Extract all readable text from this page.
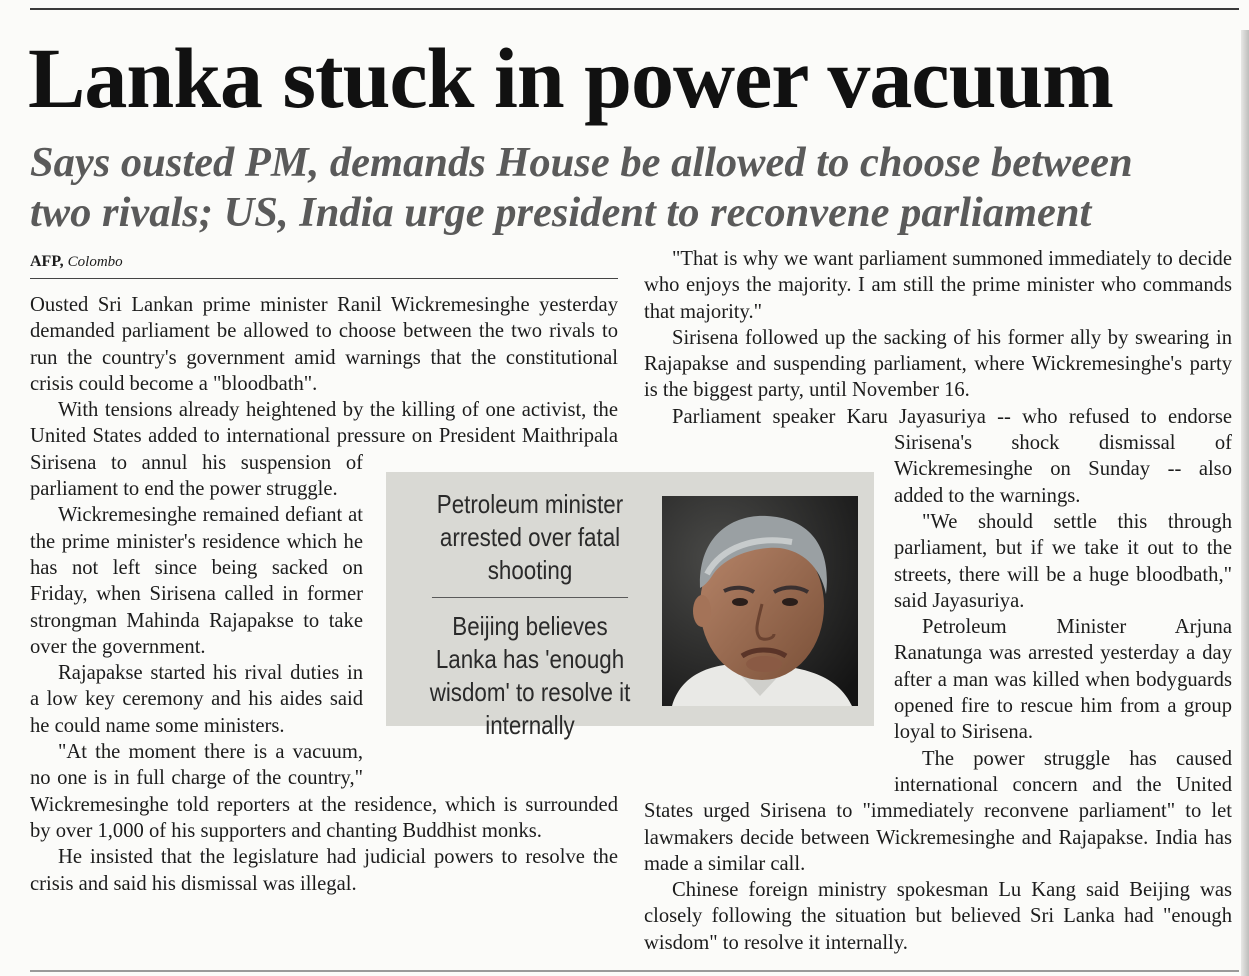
Lanka stuck in power vacuum
Says ousted PM, demands House be allowed to choose between
two rivals; US, India urge president to reconvene parliament
AFP, Colombo

Ousted Sri Lankan prime minister Ranil Wickremesinghe yesterday demanded parliament be allowed to choose between the two rivals to run the country's government amid warnings that the constitutional crisis could become a "bloodbath".

With tensions already heightened by the killing of one activist, the United States added to international pressure on President Maithripala Sirisena to annul his suspension of parliament to end the power struggle.

Wickremesinghe remained defiant at the prime minister's residence which he has not left since being sacked on Friday, when Sirisena called in former strongman Mahinda Rajapakse to take over the government.

Rajapakse started his rival duties in a low key ceremony and his aides said he could name some ministers.

"At the moment there is a vacuum, no one is in full charge of the country," Wickremesinghe told reporters at the residence, which is surrounded by over 1,000 of his supporters and chanting Buddhist monks.

He insisted that the legislature had judicial powers to resolve the crisis and said his dismissal was illegal.

"That is why we want parliament summoned immediately to decide who enjoys the majority. I am still the prime minister who commands that majority."

Sirisena followed up the sacking of his former ally by swearing in Rajapakse and suspending parliament, where Wickremesinghe's party is the biggest party, until November 16.

Parliament speaker Karu Jayasuriya -- who refused to endorse Sirisena's shock dismissal of Wickremesinghe on Sunday -- also added to the warnings.

"We should settle this through parliament, but if we take it out to the streets, there will be a huge bloodbath," said Jayasuriya.

Petroleum Minister Arjuna Ranatunga was arrested yesterday a day after a man was killed when bodyguards opened fire to rescue him from a group loyal to Sirisena.

The power struggle has caused international concern and the United States urged Sirisena to "immediately reconvene parliament" to let lawmakers decide between Wickremesinghe and Rajapakse. India has made a similar call.

Chinese foreign ministry spokesman Lu Kang said Beijing was closely following the situation but believed Sri Lanka had "enough wisdom" to resolve it internally.

Petroleum minister arrested over fatal shooting
Beijing believes Lanka has 'enough wisdom' to resolve it internally
